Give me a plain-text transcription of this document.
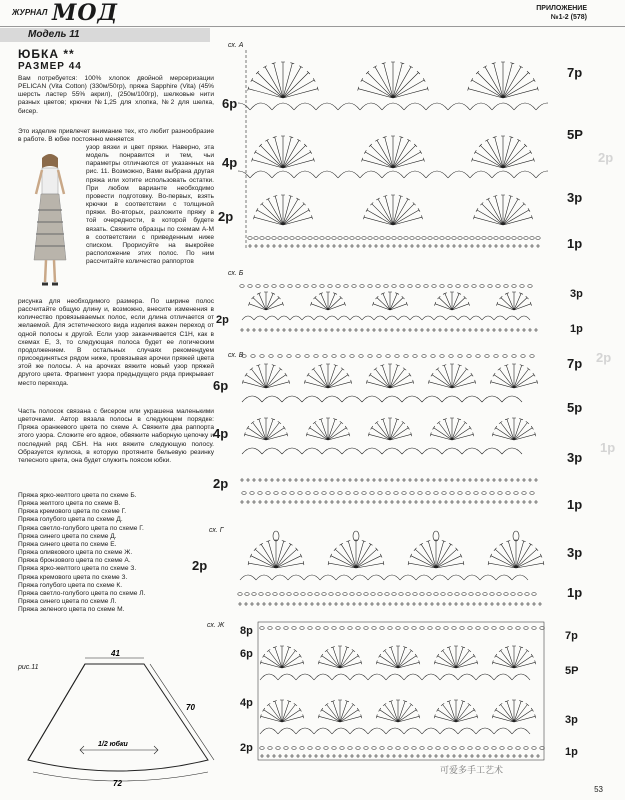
ЖУРНАЛ МОД	ПРИЛОЖЕНИЕ
№1-2 (578)
Модель 11
ЮБКА **
РАЗМЕР 44
Вам потребуется: 100% хлопок двойной мерсеризации PELICAN (Vita Cotton) (330м/50гр), пряжа Sapphire (Vita) (45% шерсть ластер 55% акрил), (250м/100гр), шелковые нити разных цветов; крючки №1,25 для хлопка, №2 для шелка, бисер.
Это изделие привлечет внимание тех, кто любит разнообразие в работе. В юбке постоянно меняется
узор вязки и цвет пряжи. Наверно, эта модель понравится и тем, чьи параметры отличаются от указанных на рис. 11. Возможно, Вами выбрана другая пряжа или хотите использовать остатки. При любом варианте необходимо провести подготовку. Во-первых, взять крючки в соответствии с толщиной пряжи. Во-вторых, разложите пряжу в той очередности, в которой будете вязать. Свяжите образцы по схемам А-М в соответствии с приведенным ниже списком. Прорисуйте на выкройке расположение этих полос. По ним рассчитайте количество раппортов
рисунка для необходимого размера. По ширине полос рассчитайте общую длину и, возможно, внесите изменения в количество провязываемых полос, если длина отличается от желаемой. Для эстетического вида изделия важен переход от одной полосы к другой. Если узор заканчивается С1Н, как в схемах Е, З, то следующая полоса будет ее логическим продолжением. В остальных случаях рекомендуем присоединяться рядом ниже, провязывая арочки пряжей цвета этой же полосы. А на арочках вяжите новый узор пряжей другого цвета. Фрагмент узора предыдущего ряда прикрывает место перехода.
Часть полосок связана с бисером или украшена маленькими цветочками. Автор вязала полосы в следующем порядке: Пряжа оранжевого цвета по схеме А. Свяжите два раппорта этого узора. Сложите его вдвое, обвяжите наборную цепочку и последний ряд СБН. На них вяжите следующую полосу. Образуется кулиска, в которую протяните бельевую резинку телесного цвета, она будет служить поясом юбки.
Пряжа ярко-желтого цвета по схеме Б.
Пряжа желтого цвета по схеме В.
Пряжа кремового цвета по схеме Г.
Пряжа голубого цвета по схеме Д.
Пряжа светло-голубого цвета по схеме Г.
Пряжа синего цвета по схеме Д.
Пряжа синего цвета по схеме Е.
Пряжа оливкового цвета по схеме Ж.
Пряжа бронзового цвета по схеме А.
Пряжа ярко-желтого цвета по схеме З.
Пряжа кремового цвета по схеме З.
Пряжа голубого цвета по схеме К.
Пряжа светло-голубого цвета по схеме Л.
Пряжа синего цвета по схеме Л.
Пряжа зеленого цвета по схеме М.
рис.11
41
70
1/2 юбки
72
сх. А
6р
4р
2р
7р
5Р
3р
1р
сх. Б
2р
3р
1р
сх. В
6р
4р
2р
7р
5р
3р
1р
сх. Г
2р
3р
1р
сх. Ж 8р
6р
4р
2р
7р
5Р
3р
1р
2р
2р
1р
可爱多手工艺术
53
